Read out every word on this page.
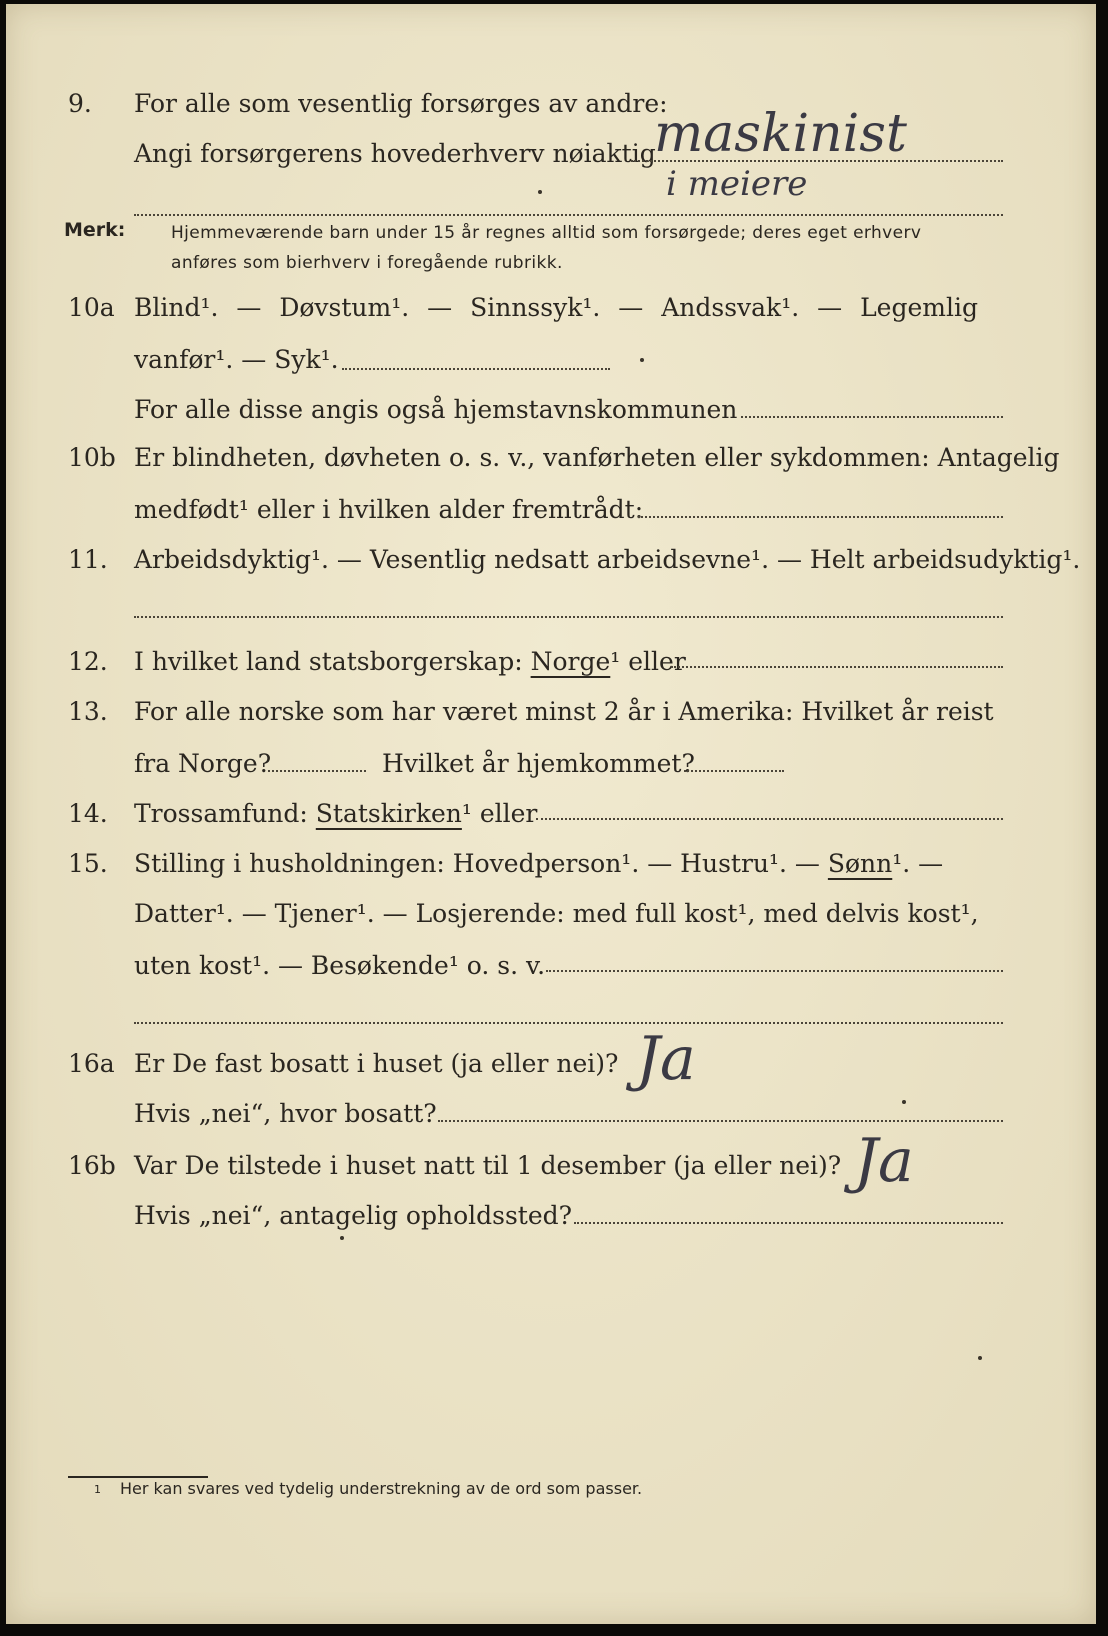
9.	For alle som vesentlig forsørges av andre:
Angi forsørgerens hovederhverv nøiaktig
maskinist
i meiere
Merk:	Hjemmeværende barn under 15 år regnes alltid som forsørgede; deres eget erhverv
anføres som bierhverv i foregående rubrikk.
10a Blind¹. — Døvstum¹. — Sinnssyk¹. — Andssvak¹. — Legemlig
vanfør¹. — Syk¹.
For alle disse angis også hjemstavnskommunen
10b Er blindheten, døvheten o. s. v., vanførheten eller sykdommen: Antagelig
medfødt¹ eller i hvilken alder fremtrådt:
11.	Arbeidsdyktig¹. — Vesentlig nedsatt arbeidsevne¹. — Helt arbeidsudyktig¹.
12.	I hvilket land statsborgerskap: Norge¹ eller
13.	For alle norske som har været minst 2 år i Amerika: Hvilket år reist
fra Norge?	Hvilket år hjemkommet?
14.	Trossamfund: Statskirken¹ eller
15.	Stilling i husholdningen: Hovedperson¹. — Hustru¹. — Sønn¹. —
Datter¹. — Tjener¹. — Losjerende: med full kost¹, med delvis kost¹,
uten kost¹. — Besøkende¹ o. s. v.
16a Er De fast bosatt i huset (ja eller nei)? Ja
Hvis „nei“, hvor bosatt?
16b Var De tilstede i huset natt til 1 desember (ja eller nei)? Ja
Hvis „nei“, antagelig opholdssted?
1 Her kan svares ved tydelig understrekning av de ord som passer.
